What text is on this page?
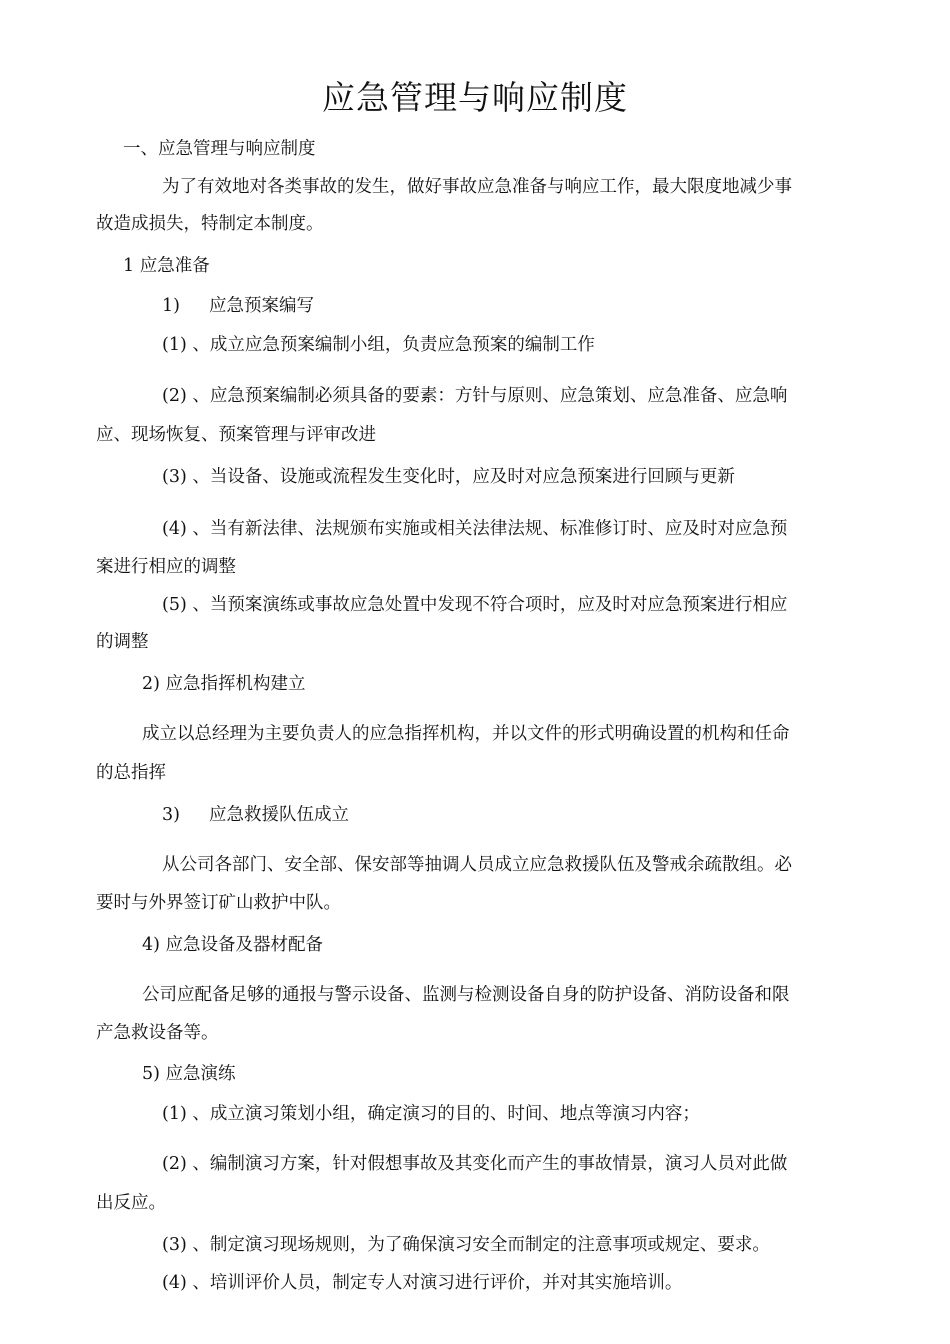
应急管理与响应制度
一、应急管理与响应制度
为了有效地对各类事故的发生，做好事故应急准备与响应工作，最大限度地减少事
故造成损失，特制定本制度。
1 应急准备
1) 应急预案编写
(1) 、成立应急预案编制小组，负责应急预案的编制工作
(2) 、应急预案编制必须具备的要素：方针与原则、应急策划、应急准备、应急响
应、现场恢复、预案管理与评审改进
(3) 、当设备、设施或流程发生变化时，应及时对应急预案进行回顾与更新
(4) 、当有新法律、法规颁布实施或相关法律法规、标准修订时、应及时对应急预
案进行相应的调整
(5) 、当预案演练或事故应急处置中发现不符合项时，应及时对应急预案进行相应
的调整
2) 应急指挥机构建立
成立以总经理为主要负责人的应急指挥机构，并以文件的形式明确设置的机构和任命
的总指挥
3) 应急救援队伍成立
从公司各部门、安全部、保安部等抽调人员成立应急救援队伍及警戒余疏散组。必
要时与外界签订矿山救护中队。
4) 应急设备及器材配备
公司应配备足够的通报与警示设备、监测与检测设备自身的防护设备、消防设备和限
产急救设备等。
5) 应急演练
(1) 、成立演习策划小组，确定演习的目的、时间、地点等演习内容；
(2) 、编制演习方案，针对假想事故及其变化而产生的事故情景，演习人员对此做
出反应。
(3) 、制定演习现场规则，为了确保演习安全而制定的注意事项或规定、要求。
(4) 、培训评价人员，制定专人对演习进行评价，并对其实施培训。
